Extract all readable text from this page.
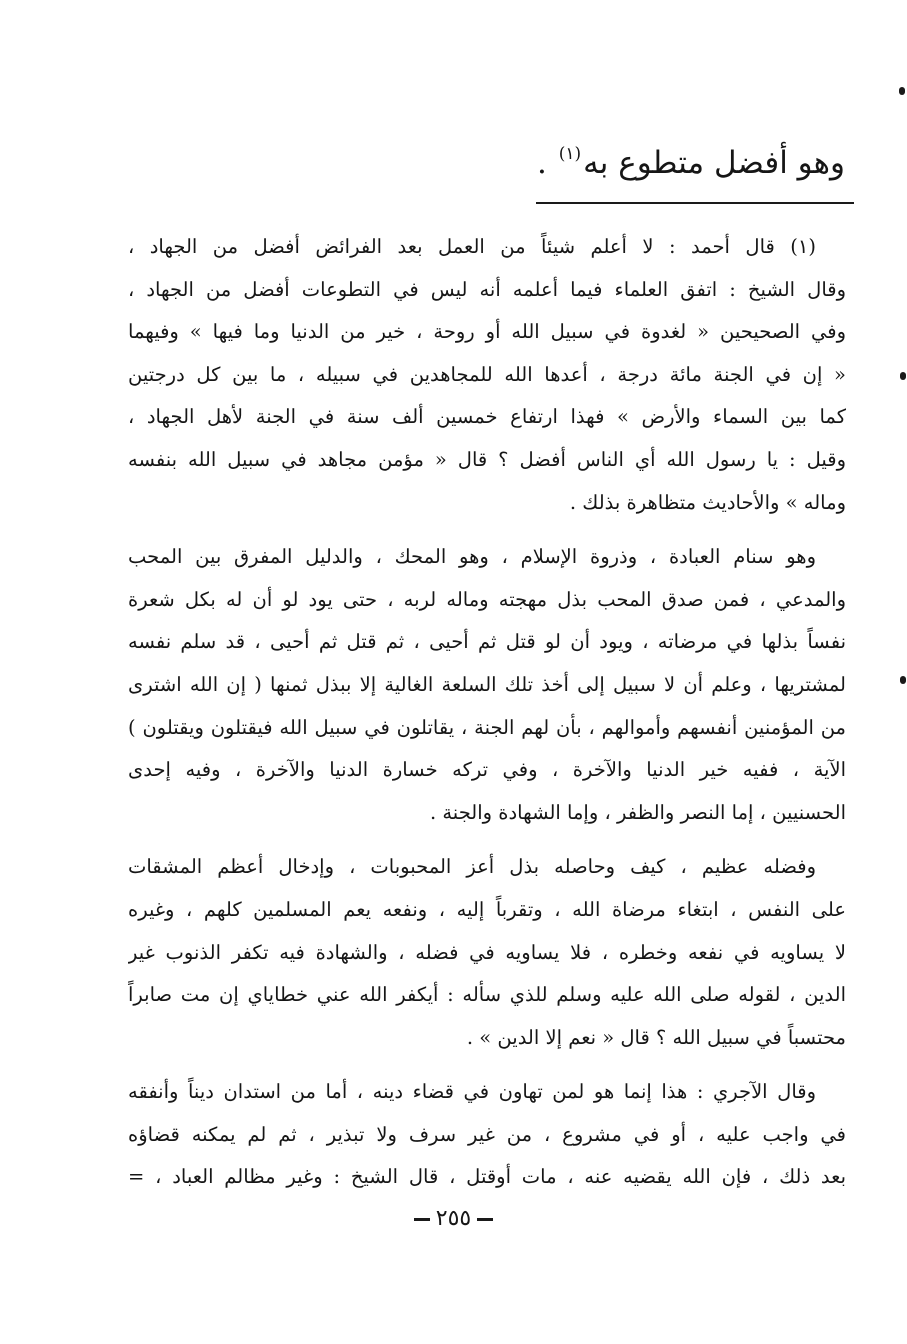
وهو أفضل متطوع به$^{(١)}$ .
(١) قال أحمد : لا أعلم شيئاً من العمل بعد الفرائض أفضل من الجهاد ،
وقال الشيخ : اتفق العلماء فيما أعلمه أنه ليس في التطوعات أفضل من الجهاد ،
وفي الصحيحين « لغدوة في سبيل الله أو روحة ، خير من الدنيا وما فيها » وفيهما
« إن في الجنة مائة درجة ، أعدها الله للمجاهدين في سبيله ، ما بين كل درجتين
كما بين السماء والأرض » فهذا ارتفاع خمسين ألف سنة في الجنة لأهل الجهاد ،
وقيل : يا رسول الله أي الناس أفضل ؟ قال « مؤمن مجاهد في سبيل الله بنفسه
وماله » والأحاديث متظاهرة بذلك .
وهو سنام العبادة ، وذروة الإسلام ، وهو المحك ، والدليل المفرق بين المحب
والمدعي ، فمن صدق المحب بذل مهجته وماله لربه ، حتى يود لو أن له بكل شعرة
نفساً بذلها في مرضاته ، ويود أن لو قتل ثم أحيى ، ثم قتل ثم أحيى ، قد سلم نفسه
لمشتريها ، وعلم أن لا سبيل إلى أخذ تلك السلعة الغالية إلا ببذل ثمنها ( إن الله اشترى
من المؤمنين أنفسهم وأموالهم ، بأن لهم الجنة ، يقاتلون في سبيل الله فيقتلون ويقتلون )
الآية ، ففيه خير الدنيا والآخرة ، وفي تركه خسارة الدنيا والآخرة ، وفيه إحدى
الحسنيين ، إما النصر والظفر ، وإما الشهادة والجنة .
وفضله عظيم ، كيف وحاصله بذل أعز المحبوبات ، وإدخال أعظم المشقات
على النفس ، ابتغاء مرضاة الله ، وتقرباً إليه ، ونفعه يعم المسلمين كلهم ، وغيره
لا يساويه في نفعه وخطره ، فلا يساويه في فضله ، والشهادة فيه تكفر الذنوب غير
الدين ، لقوله صلى الله عليه وسلم للذي سأله : أيكفر الله عني خطاياي إن مت صابراً
محتسباً في سبيل الله ؟ قال « نعم إلا الدين » .
وقال الآجري : هذا إنما هو لمن تهاون في قضاء دينه ، أما من استدان ديناً وأنفقه
في واجب عليه ، أو في مشروع ، من غير سرف ولا تبذير ، ثم لم يمكنه قضاؤه
بعد ذلك ، فإن الله يقضيه عنه ، مات أوقتل ، قال الشيخ : وغير مظالم العباد ، =
٢٥٥
